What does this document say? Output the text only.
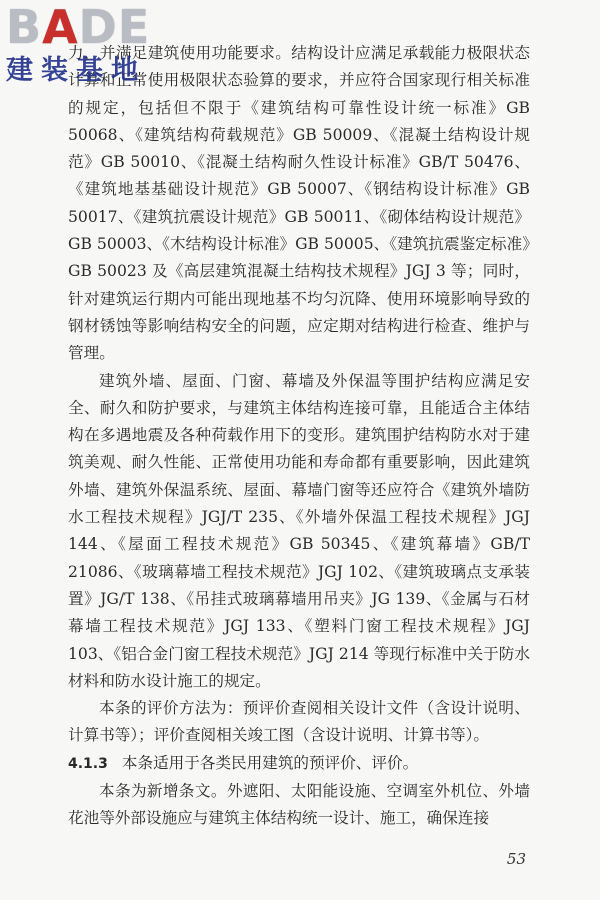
BADE
建装基地

力，并满足建筑使用功能要求。结构设计应满足承载能力极限状态计算和正常使用极限状态验算的要求，并应符合国家现行相关标准的规定，包括但不限于《建筑结构可靠性设计统一标准》GB 50068、《建筑结构荷载规范》GB 50009、《混凝土结构设计规范》GB 50010、《混凝土结构耐久性设计标准》GB/T 50476、《建筑地基基础设计规范》GB 50007、《钢结构设计标准》GB 50017、《建筑抗震设计规范》GB 50011、《砌体结构设计规范》GB 50003、《木结构设计标准》GB 50005、《建筑抗震鉴定标准》GB 50023 及《高层建筑混凝土结构技术规程》JGJ 3 等；同时，针对建筑运行期内可能出现地基不均匀沉降、使用环境影响导致的钢材锈蚀等影响结构安全的问题，应定期对结构进行检查、维护与管理。

建筑外墙、屋面、门窗、幕墙及外保温等围护结构应满足安全、耐久和防护要求，与建筑主体结构连接可靠，且能适合主体结构在多遇地震及各种荷载作用下的变形。建筑围护结构防水对于建筑美观、耐久性能、正常使用功能和寿命都有重要影响，因此建筑外墙、建筑外保温系统、屋面、幕墙门窗等还应符合《建筑外墙防水工程技术规程》JGJ/T 235、《外墙外保温工程技术规程》JGJ 144、《屋面工程技术规范》GB 50345、《建筑幕墙》GB/T 21086、《玻璃幕墙工程技术规范》JGJ 102、《建筑玻璃点支承装置》JG/T 138、《吊挂式玻璃幕墙用吊夹》JG 139、《金属与石材幕墙工程技术规范》JGJ 133、《塑料门窗工程技术规程》JGJ 103、《铝合金门窗工程技术规范》JGJ 214 等现行标准中关于防水材料和防水设计施工的规定。

本条的评价方法为：预评价查阅相关设计文件（含设计说明、计算书等）；评价查阅相关竣工图（含设计说明、计算书等）。

4.1.3 本条适用于各类民用建筑的预评价、评价。

本条为新增条文。外遮阳、太阳能设施、空调室外机位、外墙花池等外部设施应与建筑主体结构统一设计、施工，确保连接

53
